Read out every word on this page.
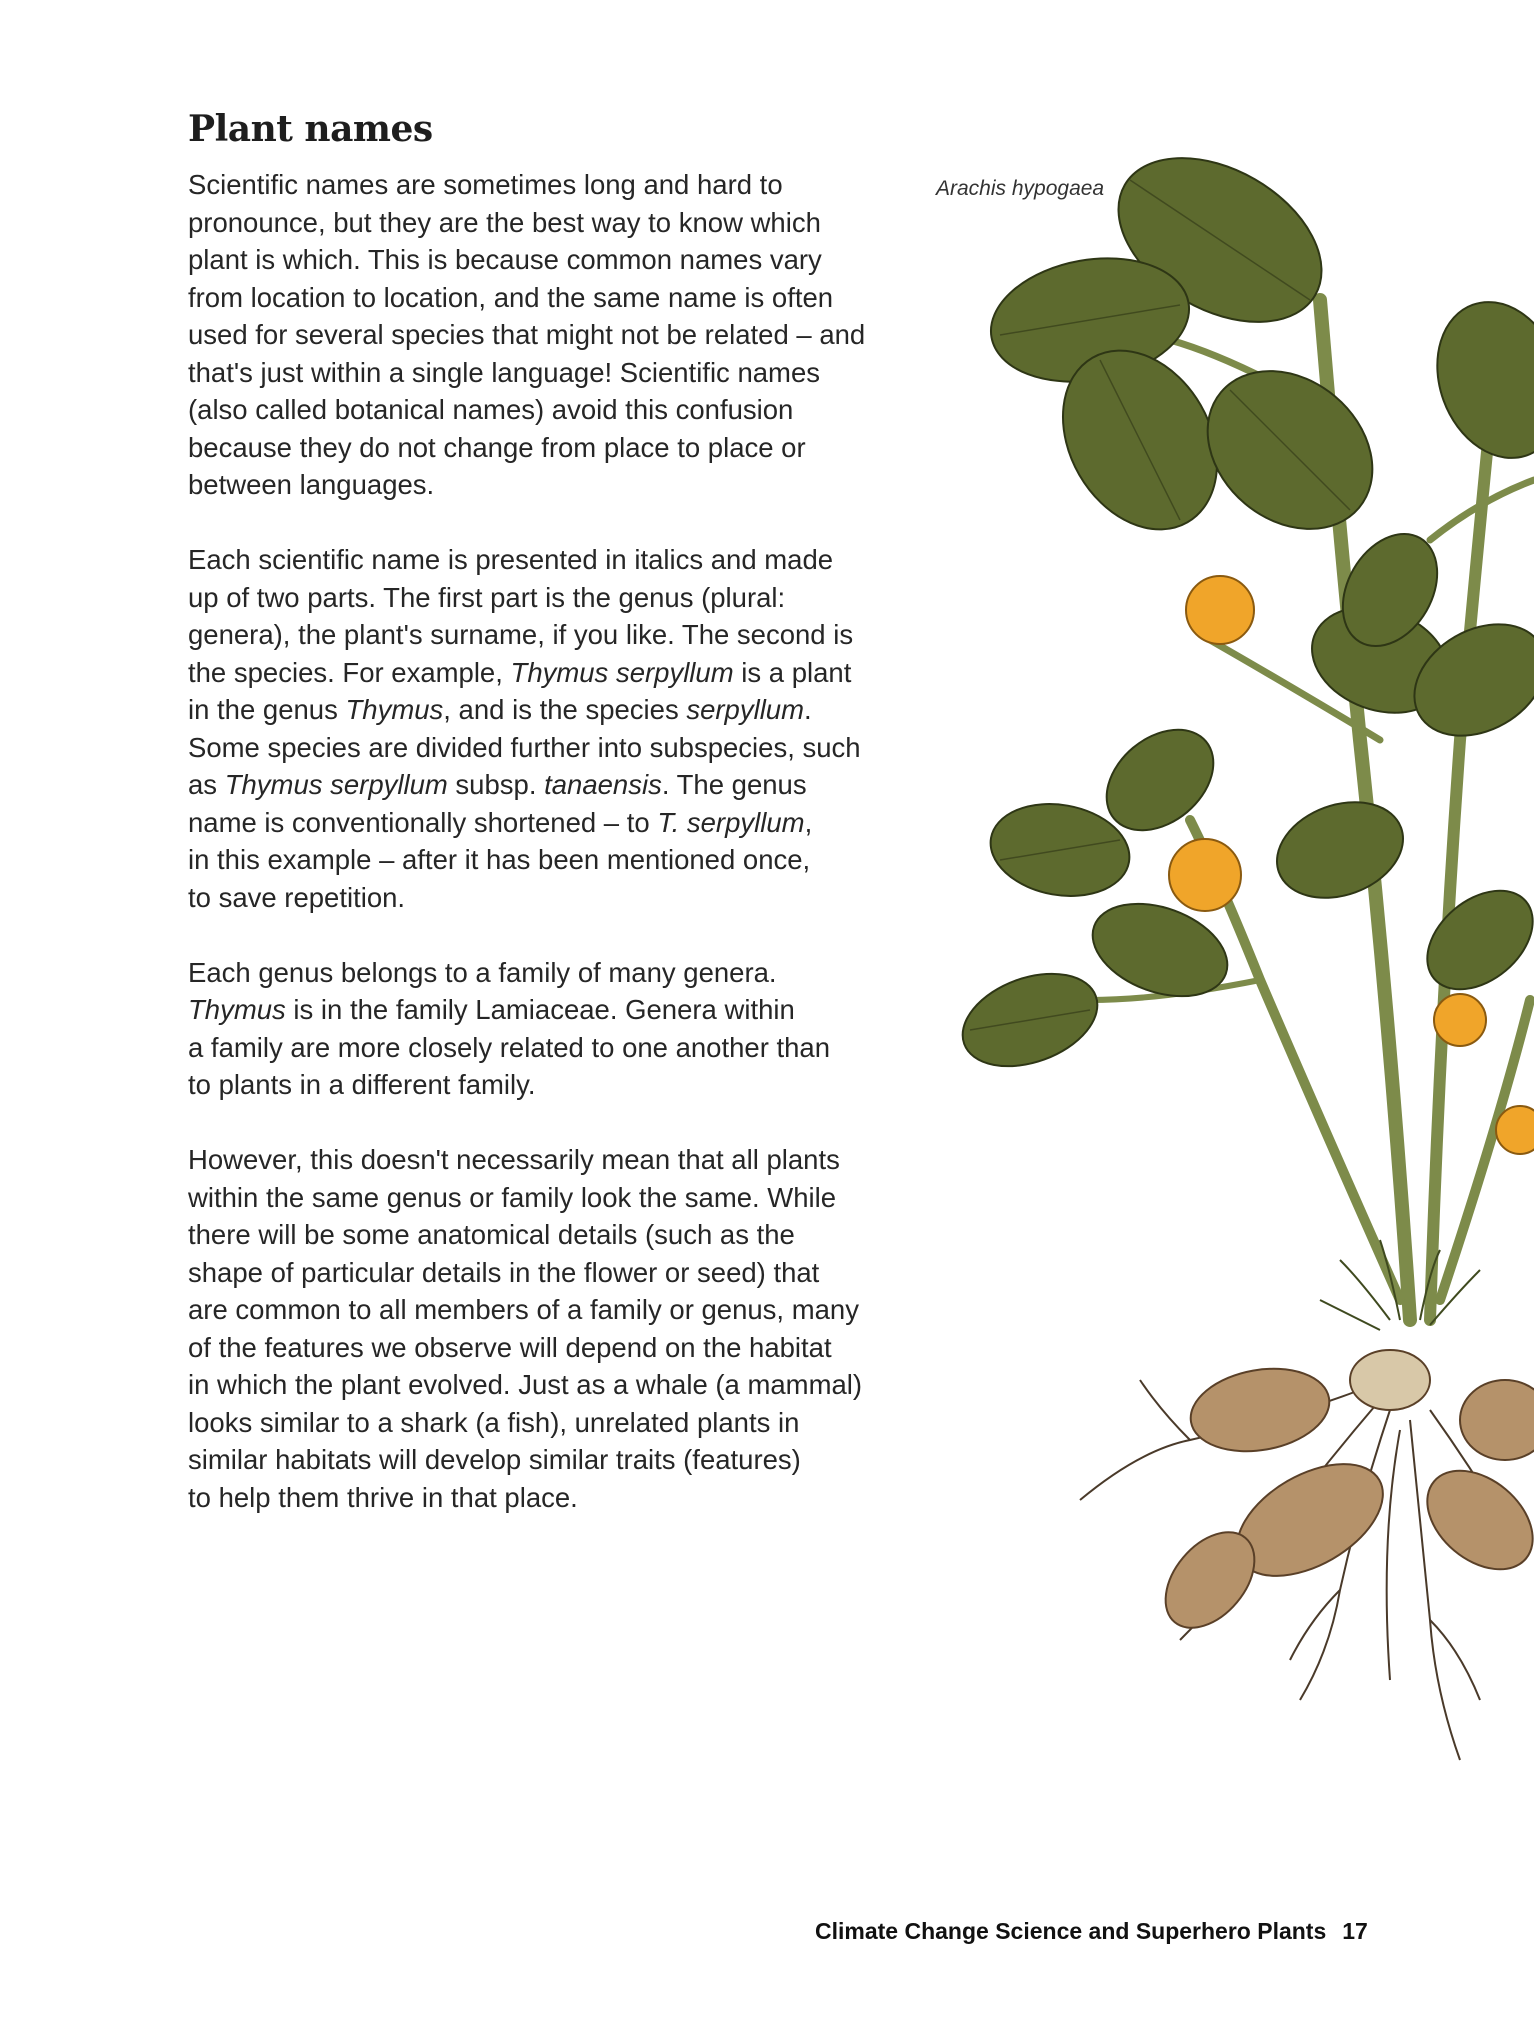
Plant names

Scientific names are sometimes long and hard to
pronounce, but they are the best way to know which
plant is which. This is because common names vary
from location to location, and the same name is often
used for several species that might not be related – and
that's just within a single language! Scientific names
(also called botanical names) avoid this confusion
because they do not change from place to place or
between languages.

Each scientific name is presented in italics and made
up of two parts. The first part is the genus (plural:
genera), the plant's surname, if you like. The second is
the species. For example, Thymus serpyllum is a plant
in the genus Thymus, and is the species serpyllum.
Some species are divided further into subspecies, such
as Thymus serpyllum subsp. tanaensis. The genus
name is conventionally shortened – to T. serpyllum,
in this example – after it has been mentioned once,
to save repetition.

Each genus belongs to a family of many genera.
Thymus is in the family Lamiaceae. Genera within
a family are more closely related to one another than
to plants in a different family.

However, this doesn't necessarily mean that all plants
within the same genus or family look the same. While
there will be some anatomical details (such as the
shape of particular details in the flower or seed) that
are common to all members of a family or genus, many
of the features we observe will depend on the habitat
in which the plant evolved. Just as a whale (a mammal)
looks similar to a shark (a fish), unrelated plants in
similar habitats will develop similar traits (features)
to help them thrive in that place.

Arachis hypogaea
Climate Change Science and Superhero Plants 17
